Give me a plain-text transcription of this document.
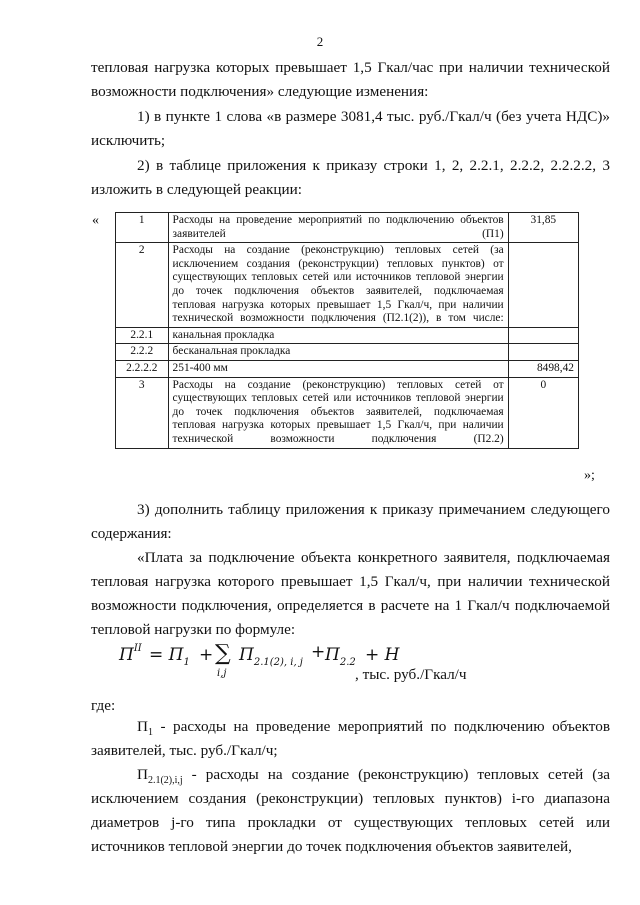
2
тепловая нагрузка которых превышает 1,5 Гкал/час при наличии технической возможности подключения» следующие изменения:
1) в пункте 1 слова «в размере 3081,4 тыс. руб./Гкал/ч (без учета НДС)» исключить;
2) в таблице приложения к приказу строки 1, 2, 2.2.1, 2.2.2, 2.2.2.2, 3 изложить в следующей реакции:
«	1	Расходы на проведение мероприятий по подключению объектов заявителей (П1)	31,85
2	Расходы на создание (реконструкцию) тепловых сетей (за исключением создания (реконструкции) тепловых пунктов) от существующих тепловых сетей или источников тепловой энергии до точек подключения объектов заявителей, подключаемая тепловая нагрузка которых превышает 1,5 Гкал/ч, при наличии технической возможности подключения (П2.1(2)), в том числе:	
2.2.1	канальная прокладка	
2.2.2	бесканальная прокладка	
2.2.2.2	251-400 мм	8498,42
3	Расходы на создание (реконструкцию) тепловых сетей от существующих тепловых сетей или источников тепловой энергии до точек подключения объектов заявителей, подключаемая тепловая нагрузка которых превышает 1,5 Гкал/ч, при наличии технической возможности подключения (П2.2)	0
»;
3) дополнить таблицу приложения к приказу примечанием следующего содержания:
«Плата за подключение объекта конкретного заявителя, подключаемая тепловая нагрузка которого превышает 1,5 Гкал/ч, при наличии технической возможности подключения, определяется в расчете на 1 Гкал/ч подключаемой тепловой нагрузки по формуле:
$П^{II} = П_1$ + ∑
i,j
$П_{2.1(2), i, j}$
+ $П_{2.2} + Н$
, тыс. руб./Гкал/ч
где:
$П_1$ - расходы на проведение мероприятий по подключению объектов заявителей, тыс. руб./Гкал/ч;
$П_{2.1(2),i,j}$ - расходы на создание (реконструкцию) тепловых сетей (за исключением создания (реконструкции) тепловых пунктов) i-го диапазона диаметров j-го типа прокладки от существующих тепловых сетей или источников тепловой энергии до точек подключения объектов заявителей,
